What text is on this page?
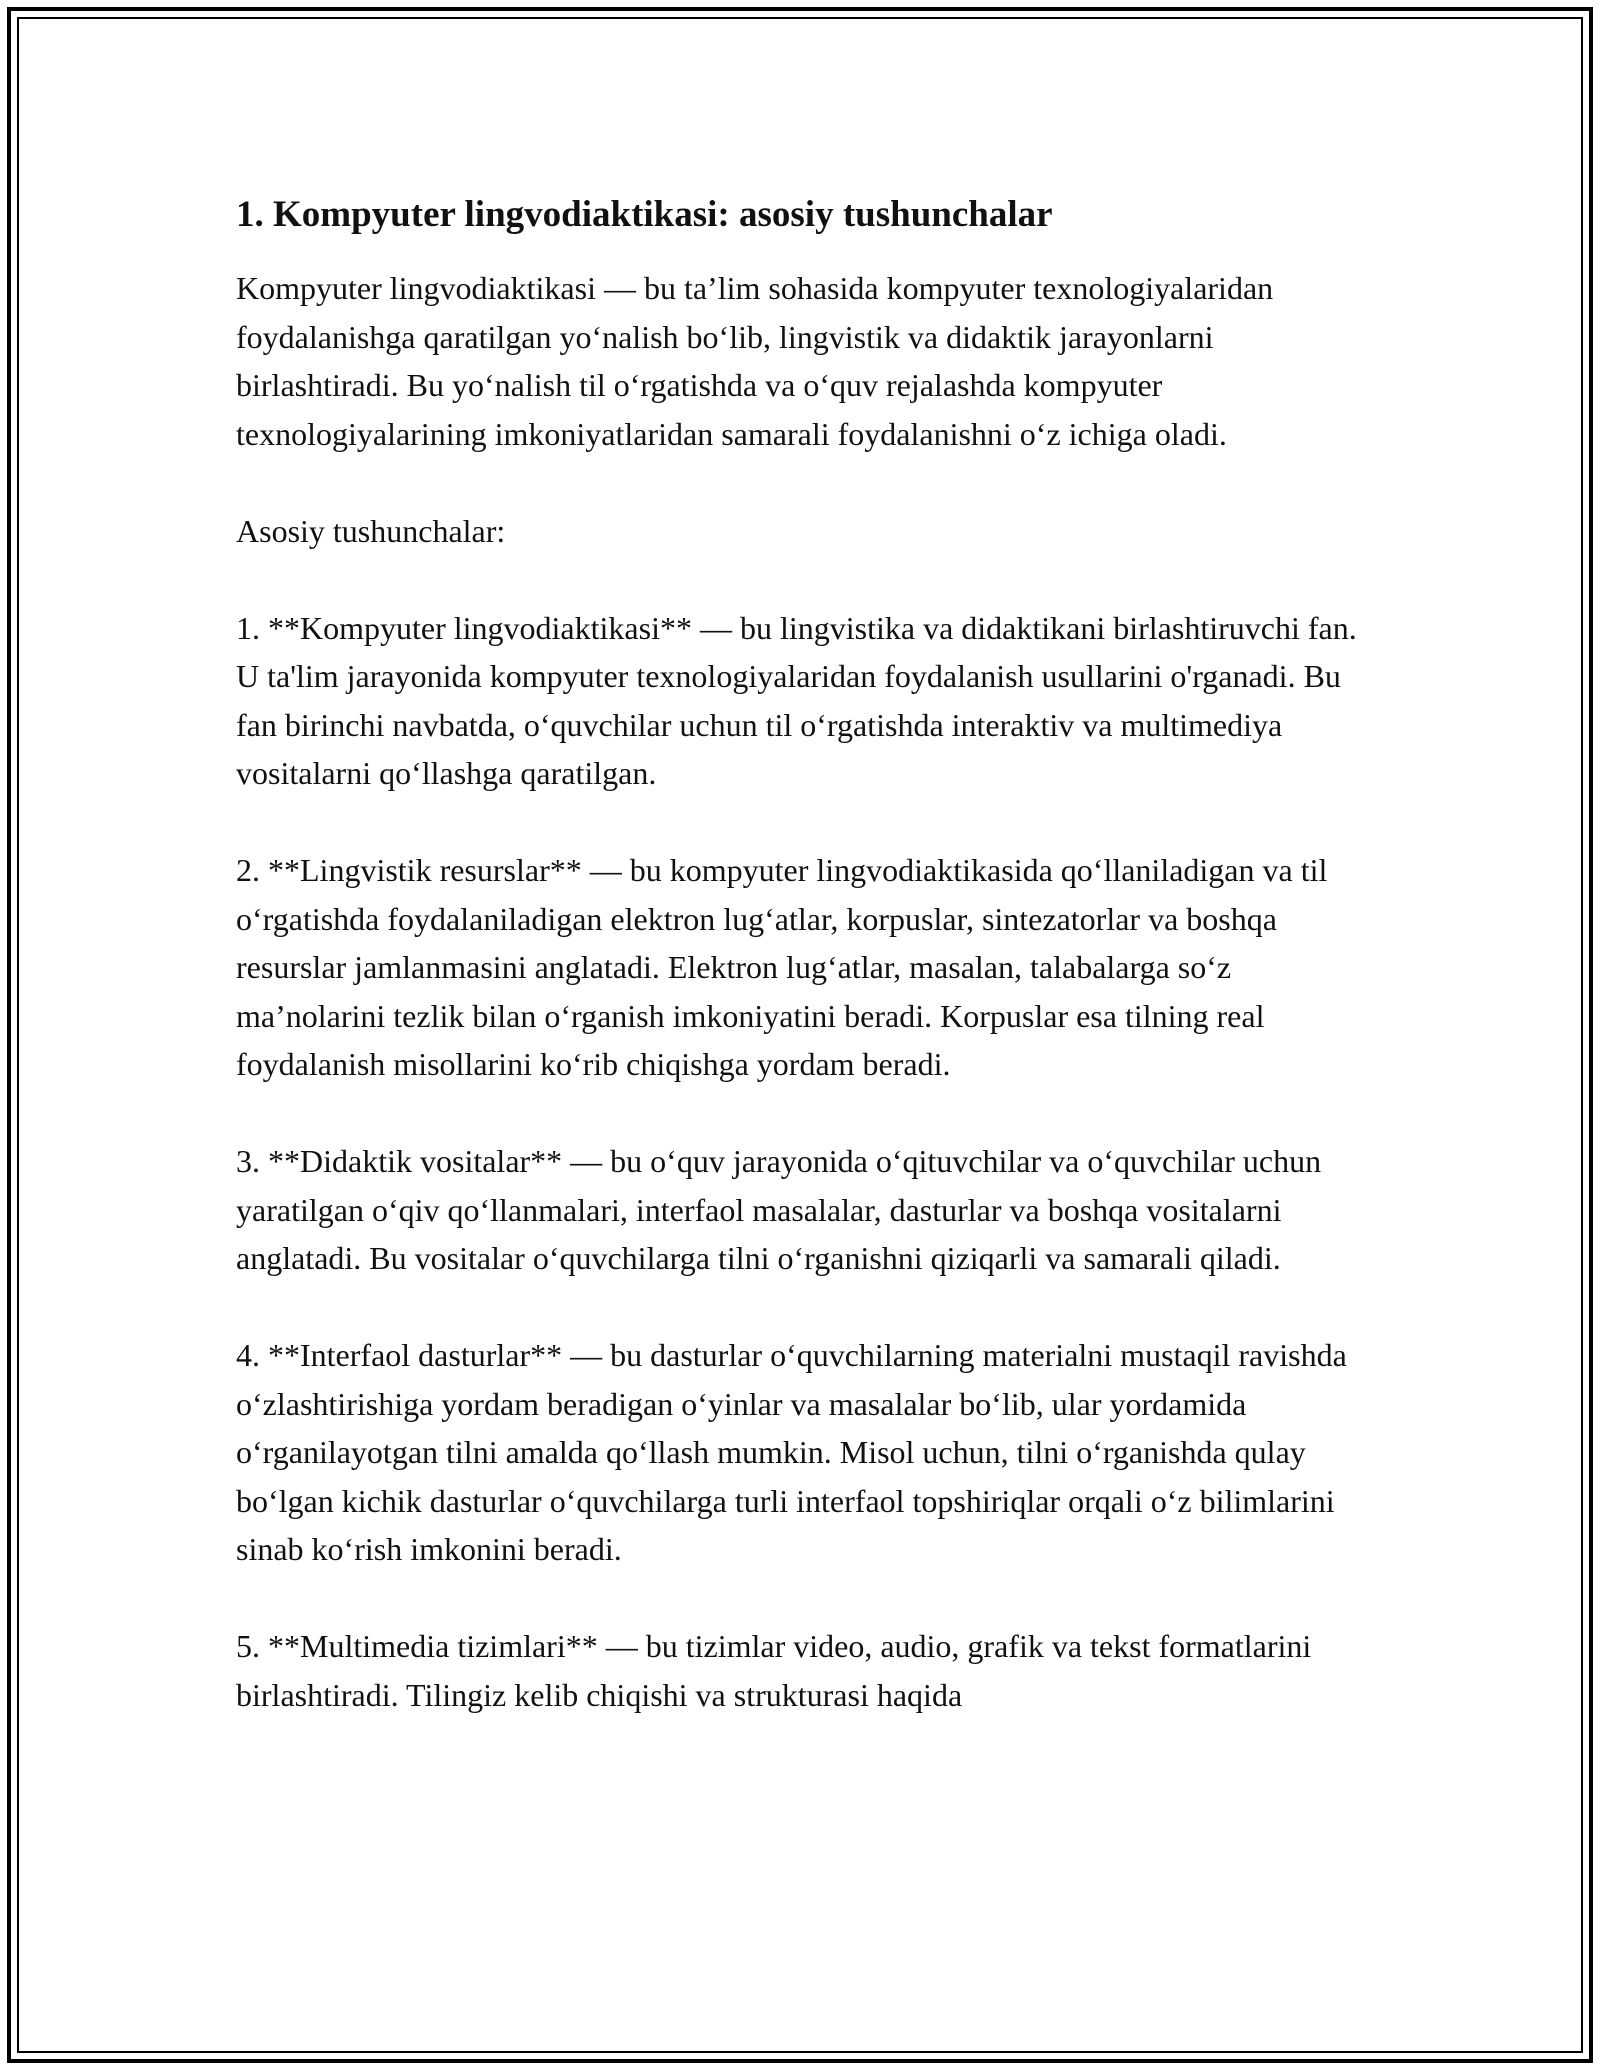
1. Kompyuter lingvodiaktikasi: asosiy tushunchalar

Kompyuter lingvodiaktikasi — bu ta’lim sohasida kompyuter texnologiyalaridan foydalanishga qaratilgan yoʻnalish boʻlib, lingvistik va didaktik jarayonlarni birlashtiradi. Bu yoʻnalish til oʻrgatishda va oʻquv rejalashda kompyuter texnologiyalarining imkoniyatlaridan samarali foydalanishni oʻz ichiga oladi.

Asosiy tushunchalar:

1. **Kompyuter lingvodiaktikasi** — bu lingvistika va didaktikani birlashtiruvchi fan. U ta'lim jarayonida kompyuter texnologiyalaridan foydalanish usullarini o'rganadi. Bu fan birinchi navbatda, oʻquvchilar uchun til oʻrgatishda interaktiv va multimediya vositalarni qoʻllashga qaratilgan.

2. **Lingvistik resurslar** — bu kompyuter lingvodiaktikasida qoʻllaniladigan va til oʻrgatishda foydalaniladigan elektron lugʻatlar, korpuslar, sintezatorlar va boshqa resurslar jamlanmasini anglatadi. Elektron lugʻatlar, masalan, talabalarga soʻz ma’nolarini tezlik bilan oʻrganish imkoniyatini beradi. Korpuslar esa tilning real foydalanish misollarini koʻrib chiqishga yordam beradi.

3. **Didaktik vositalar** — bu oʻquv jarayonida oʻqituvchilar va oʻquvchilar uchun yaratilgan oʻqiv qoʻllanmalari, interfaol masalalar, dasturlar va boshqa vositalarni anglatadi. Bu vositalar oʻquvchilarga tilni oʻrganishni qiziqarli va samarali qiladi.

4. **Interfaol dasturlar** — bu dasturlar oʻquvchilarning materialni mustaqil ravishda oʻzlashtirishiga yordam beradigan oʻyinlar va masalalar boʻlib, ular yordamida oʻrganilayotgan tilni amalda qoʻllash mumkin. Misol uchun, tilni oʻrganishda qulay boʻlgan kichik dasturlar oʻquvchilarga turli interfaol topshiriqlar orqali oʻz bilimlarini sinab koʻrish imkonini beradi.

5. **Multimedia tizimlari** — bu tizimlar video, audio, grafik va tekst formatlarini birlashtiradi. Tilingiz kelib chiqishi va strukturasi haqida
